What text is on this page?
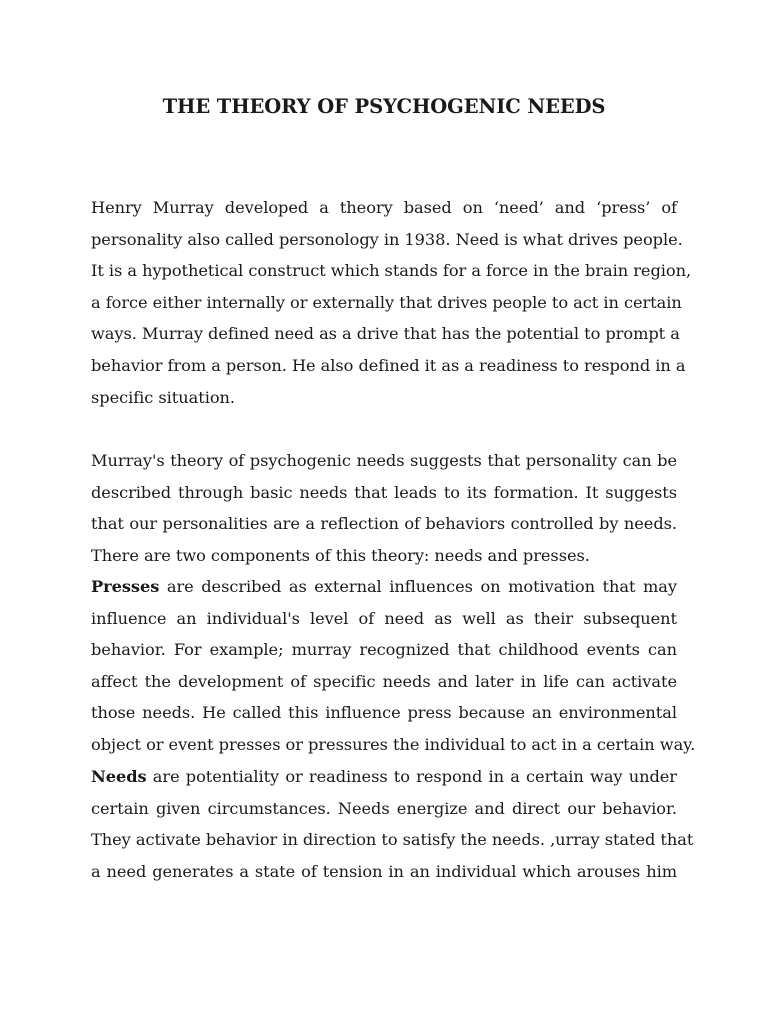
THE THEORY OF PSYCHOGENIC NEEDS
Henry Murray developed a theory based on ‘need’ and ‘press’ of
personality also called personology in 1938. Need is what drives people.
It is a hypothetical construct which stands for a force in the brain region,
a force either internally or externally that drives people to act in certain
ways. Murray defined need as a drive that has the potential to prompt a
behavior from a person. He also defined it as a readiness to respond in a
specific situation.
Murray's theory of psychogenic needs suggests that personality can be
described through basic needs that leads to its formation. It suggests
that our personalities are a reflection of behaviors controlled by needs.
There are two components of this theory: needs and presses.
Presses are described as external influences on motivation that may
influence an individual's level of need as well as their subsequent
behavior. For example; murray recognized that childhood events can
affect the development of specific needs and later in life can activate
those needs. He called this influence press because an environmental
object or event presses or pressures the individual to act in a certain way.
Needs are potentiality or readiness to respond in a certain way under
certain given circumstances. Needs energize and direct our behavior.
They activate behavior in direction to satisfy the needs. ,urray stated that
a need generates a state of tension in an individual which arouses him
